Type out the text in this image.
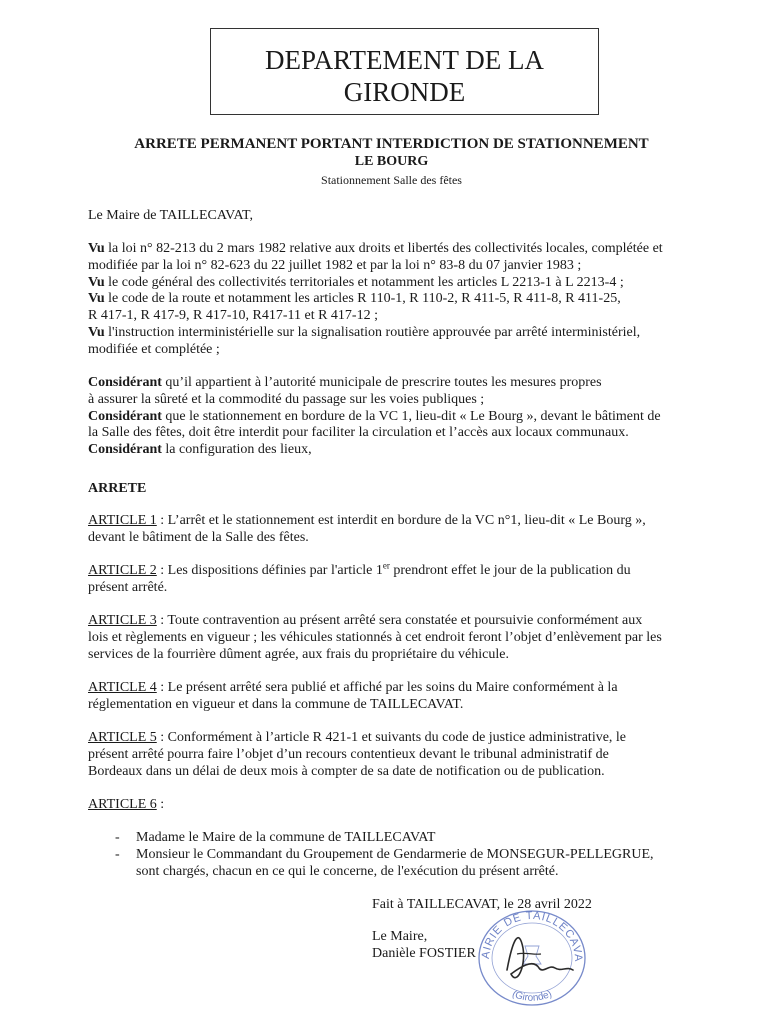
DEPARTEMENT DE LA
GIRONDE
ARRETE PERMANENT PORTANT INTERDICTION DE STATIONNEMENT
LE BOURG
Stationnement Salle des fêtes
Le Maire de TAILLECAVAT,
Vu la loi n° 82-213 du 2 mars 1982 relative aux droits et libertés des collectivités locales, complétée et
modifiée par la loi n° 82-623 du 22 juillet 1982 et par la loi n° 83-8 du 07 janvier 1983 ;
Vu le code général des collectivités territoriales et notamment les articles L 2213-1 à L 2213-4 ;
Vu le code de la route et notamment les articles R 110-1, R 110-2, R 411-5, R 411-8, R 411-25,
R 417-1, R 417-9, R 417-10, R417-11 et R 417-12 ;
Vu l'instruction interministérielle sur la signalisation routière approuvée par arrêté interministériel,
modifiée et complétée ;
Considérant qu’il appartient à l’autorité municipale de prescrire toutes les mesures propres
à assurer la sûreté et la commodité du passage sur les voies publiques ;
Considérant que le stationnement en bordure de la VC 1, lieu-dit « Le Bourg », devant le bâtiment de
la Salle des fêtes, doit être interdit pour faciliter la circulation et l’accès aux locaux communaux.
Considérant la configuration des lieux,
ARRETE
ARTICLE 1 : L’arrêt et le stationnement est interdit en bordure de la VC n°1, lieu-dit « Le Bourg »,
devant le bâtiment de la Salle des fêtes.
ARTICLE 2 : Les dispositions définies par l'article 1er prendront effet le jour de la publication du
présent arrêté.
ARTICLE 3 : Toute contravention au présent arrêté sera constatée et poursuivie conformément aux
lois et règlements en vigueur ; les véhicules stationnés à cet endroit feront l’objet d’enlèvement par les
services de la fourrière dûment agrée, aux frais du propriétaire du véhicule.
ARTICLE 4 : Le présent arrêté sera publié et affiché par les soins du Maire conformément à la
réglementation en vigueur et dans la commune de TAILLECAVAT.
ARTICLE 5 : Conformément à l’article R 421-1 et suivants du code de justice administrative, le
présent arrêté pourra faire l’objet d’un recours contentieux devant le tribunal administratif de
Bordeaux dans un délai de deux mois à compter de sa date de notification ou de publication.
ARTICLE 6 :
- Madame le Maire de la commune de TAILLECAVAT
- Monsieur le Commandant du Groupement de Gendarmerie de MONSEGUR-PELLEGRUE,
sont chargés, chacun en ce qui le concerne, de l'exécution du présent arrêté.
Fait à TAILLECAVAT, le 28 avril 2022
Le Maire,
Danièle FOSTIER AIRIE DE TAILLECAVA
(Gironde)
